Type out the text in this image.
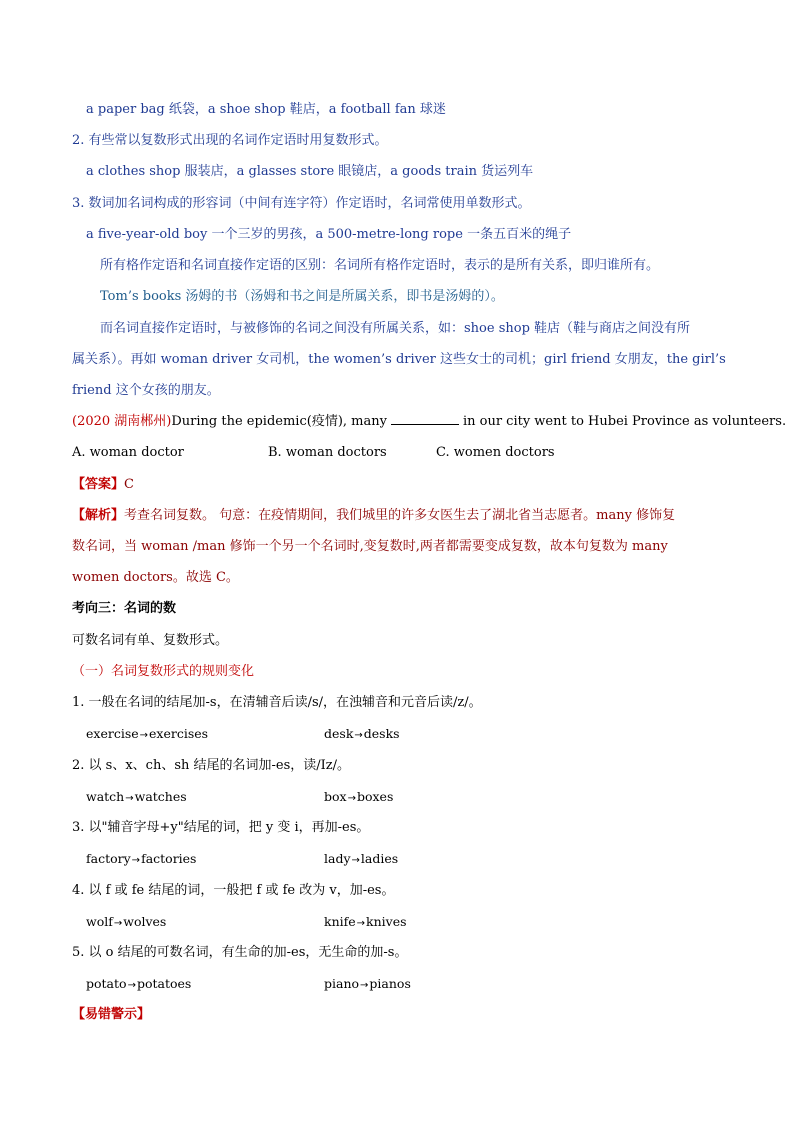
a paper bag 纸袋，a shoe shop 鞋店，a football fan 球迷
2. 有些常以复数形式出现的名词作定语时用复数形式。
a clothes shop 服装店，a glasses store 眼镜店，a goods train 货运列车
3. 数词加名词构成的形容词（中间有连字符）作定语时，名词常使用单数形式。
a five-year-old boy 一个三岁的男孩，a 500-metre-long rope 一条五百米的绳子
所有格作定语和名词直接作定语的区别：名词所有格作定语时，表示的是所有关系，即归谁所有。
Tom’s books 汤姆的书（汤姆和书之间是所属关系，即书是汤姆的）。
而名词直接作定语时，与被修饰的名词之间没有所属关系，如：shoe shop 鞋店（鞋与商店之间没有所
属关系）。再如 woman driver 女司机，the women’s driver 这些女士的司机；girl friend 女朋友，the girl’s
friend 这个女孩的朋友。
(2020 湖南郴州)During the epidemic(疫情), many	in our city went to Hubei Province as volunteers.
A. woman doctor	B. woman doctors	C. women doctors
【答案】C
【解析】考查名词复数。 句意：在疫情期间，我们城里的许多女医生去了湖北省当志愿者。many 修饰复
数名词，当 woman /man 修饰一个另一个名词时,变复数时,两者都需要变成复数，故本句复数为 many
women doctors。故选 C。
考向三：名词的数
可数名词有单、复数形式。
（一）名词复数形式的规则变化
1. 一般在名词的结尾加-s，在清辅音后读/s/，在浊辅音和元音后读/z/。
exercise→exercises	desk→desks
2. 以 s、x、ch、sh 结尾的名词加-es，读/Iz/。
watch→watches	box→boxes
3. 以"辅音字母+y"结尾的词，把 y 变 i，再加-es。
factory→factories	lady→ladies
4. 以 f 或 fe 结尾的词，一般把 f 或 fe 改为 v，加-es。
wolf→wolves	knife→knives
5. 以 o 结尾的可数名词，有生命的加-es，无生命的加-s。
potato→potatoes	piano→pianos
【易错警示】
